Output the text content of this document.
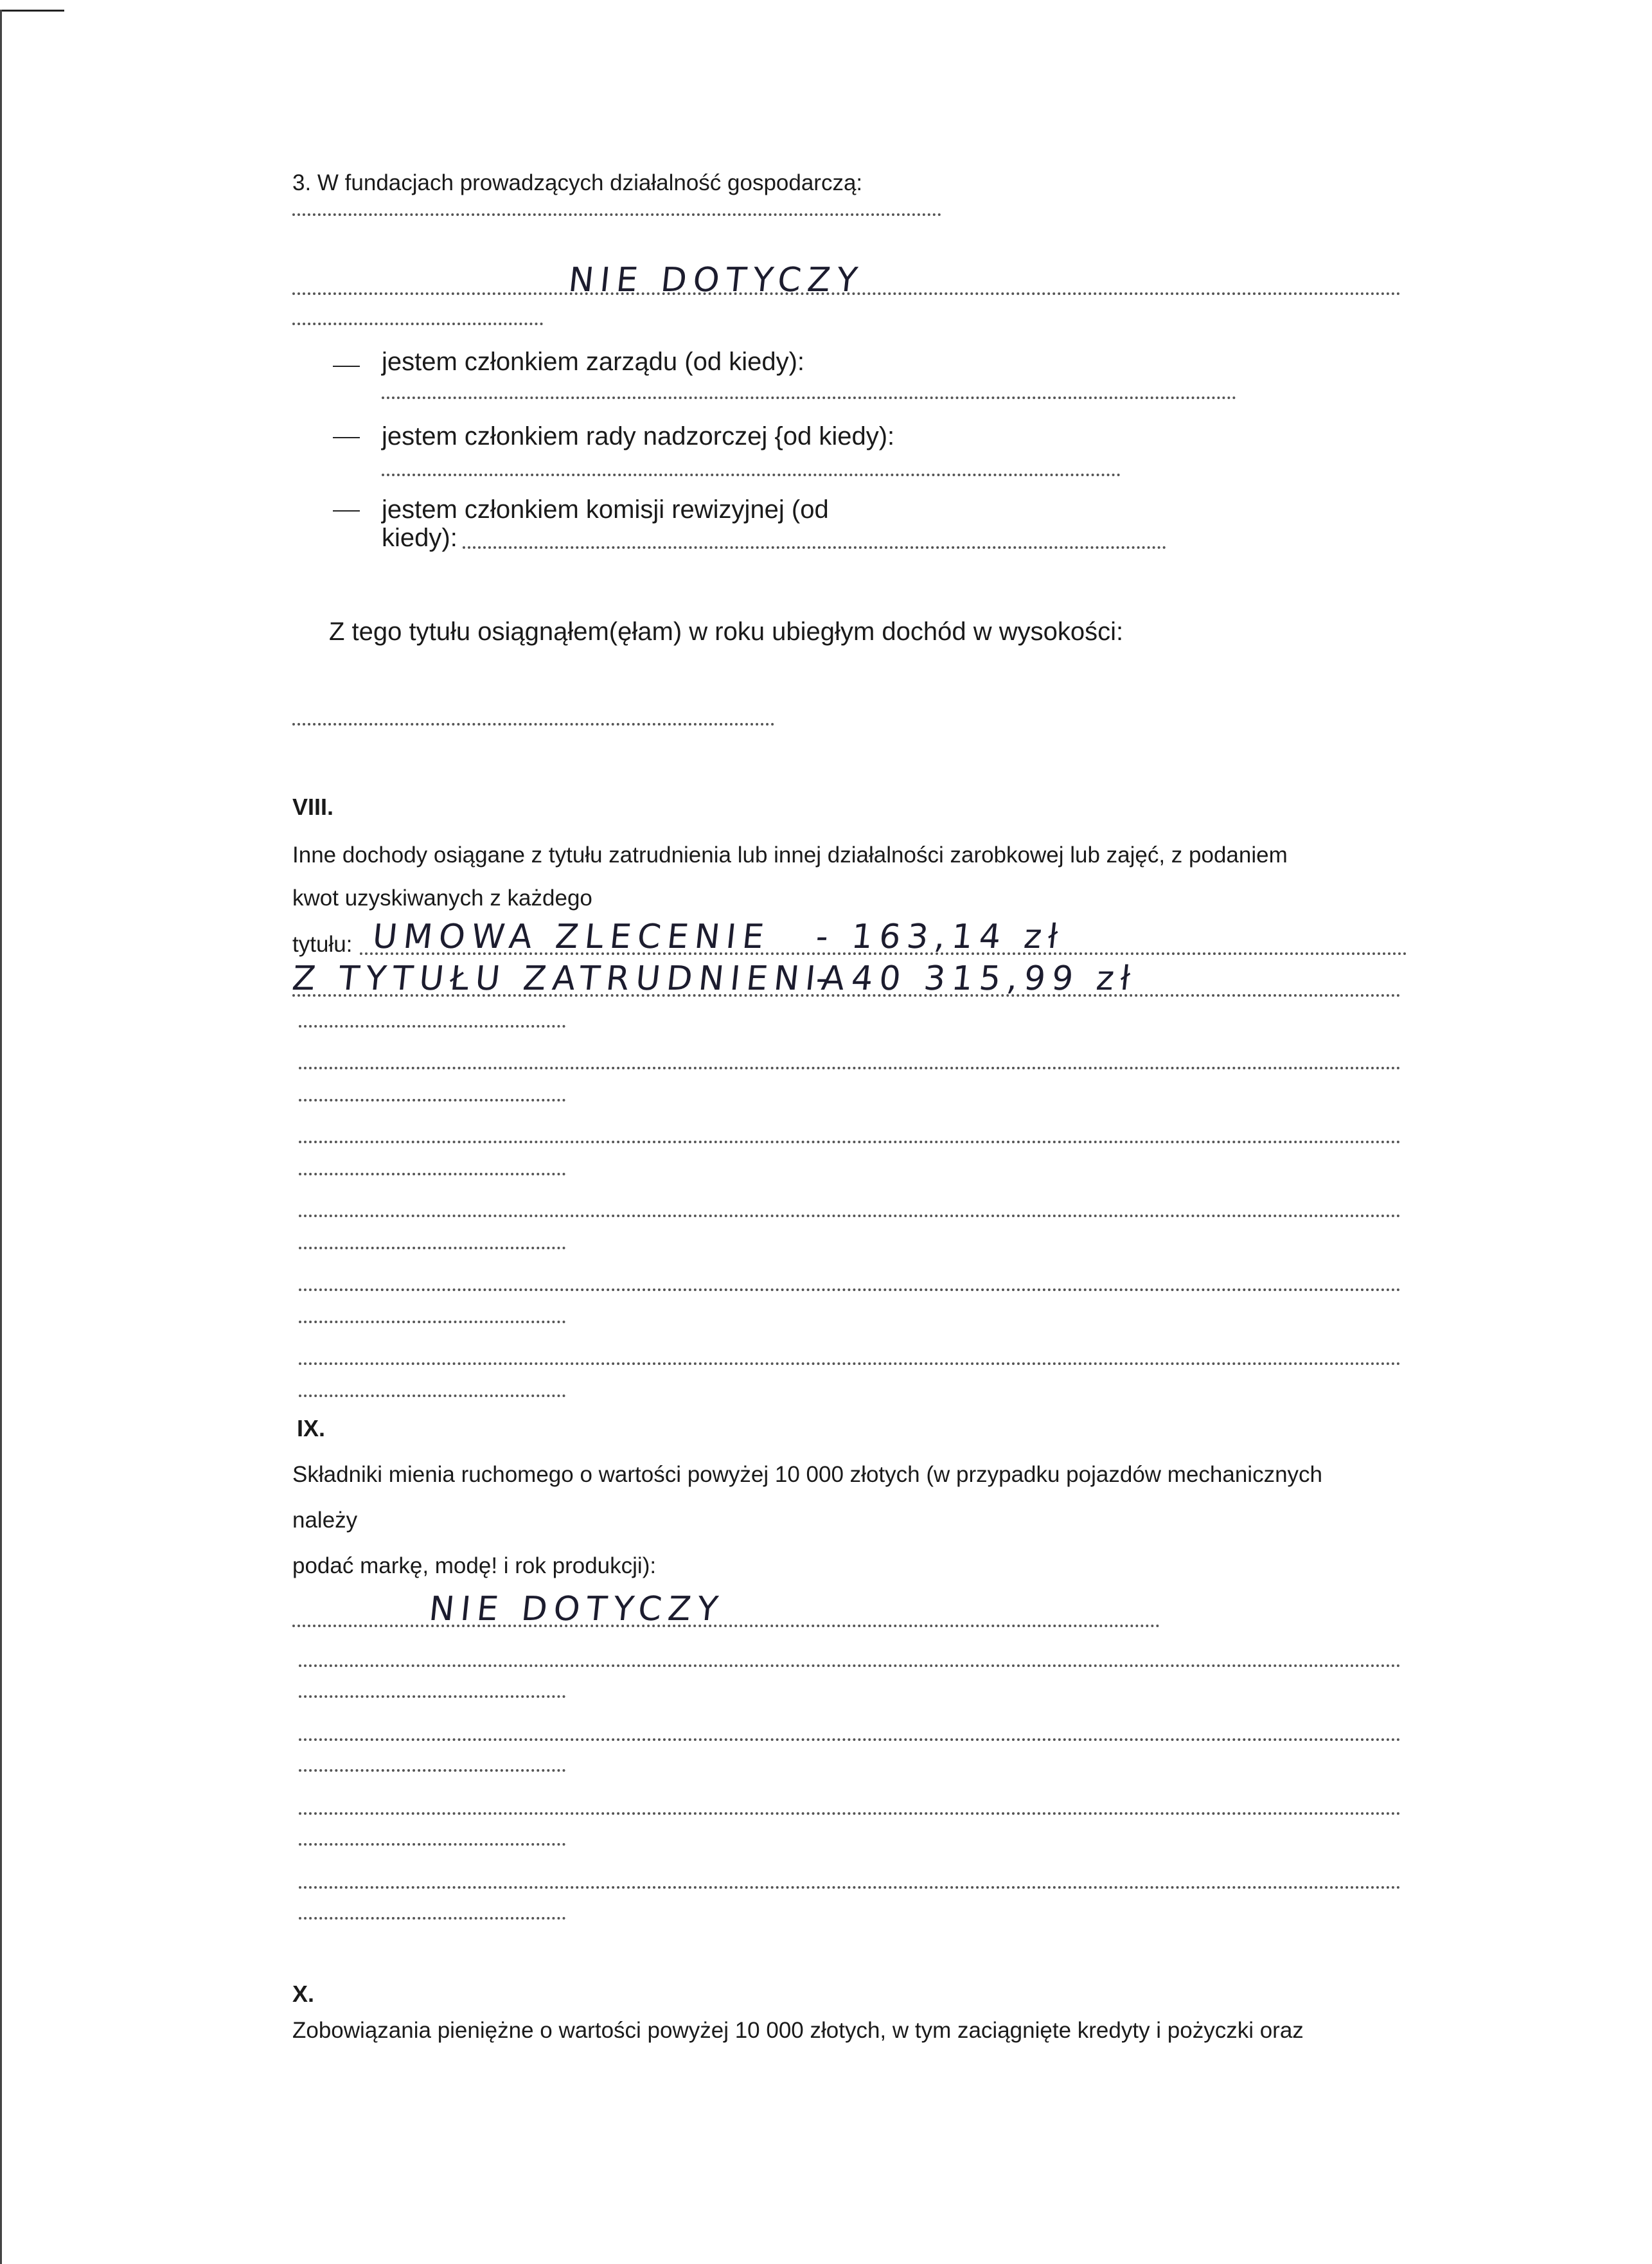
3. W fundacjach prowadzących działalność gospodarczą:
NIE DOTYCZY
jestem członkiem zarządu (od kiedy):
jestem członkiem rady nadzorczej {od kiedy):
jestem członkiem komisji rewizyjnej (od
kiedy):
Z tego tytułu osiągnąłem(ęłam) w roku ubiegłym dochód w wysokości:
VIII.
Inne dochody osiągane z tytułu zatrudnienia lub innej działalności zarobkowej lub zajęć, z podaniem
kwot uzyskiwanych z każdego
tytułu: UMOWA ZLECENIE - 163,14 zł
Z TYTUŁU ZATRUDNIENIA
- 40 315,99 zł
IX.
Składniki mienia ruchomego o wartości powyżej 10 000 złotych (w przypadku pojazdów mechanicznych
należy
podać markę, modę! i rok produkcji):
NIE DOTYCZY
X.
Zobowiązania pieniężne o wartości powyżej 10 000 złotych, w tym zaciągnięte kredyty i pożyczki oraz
